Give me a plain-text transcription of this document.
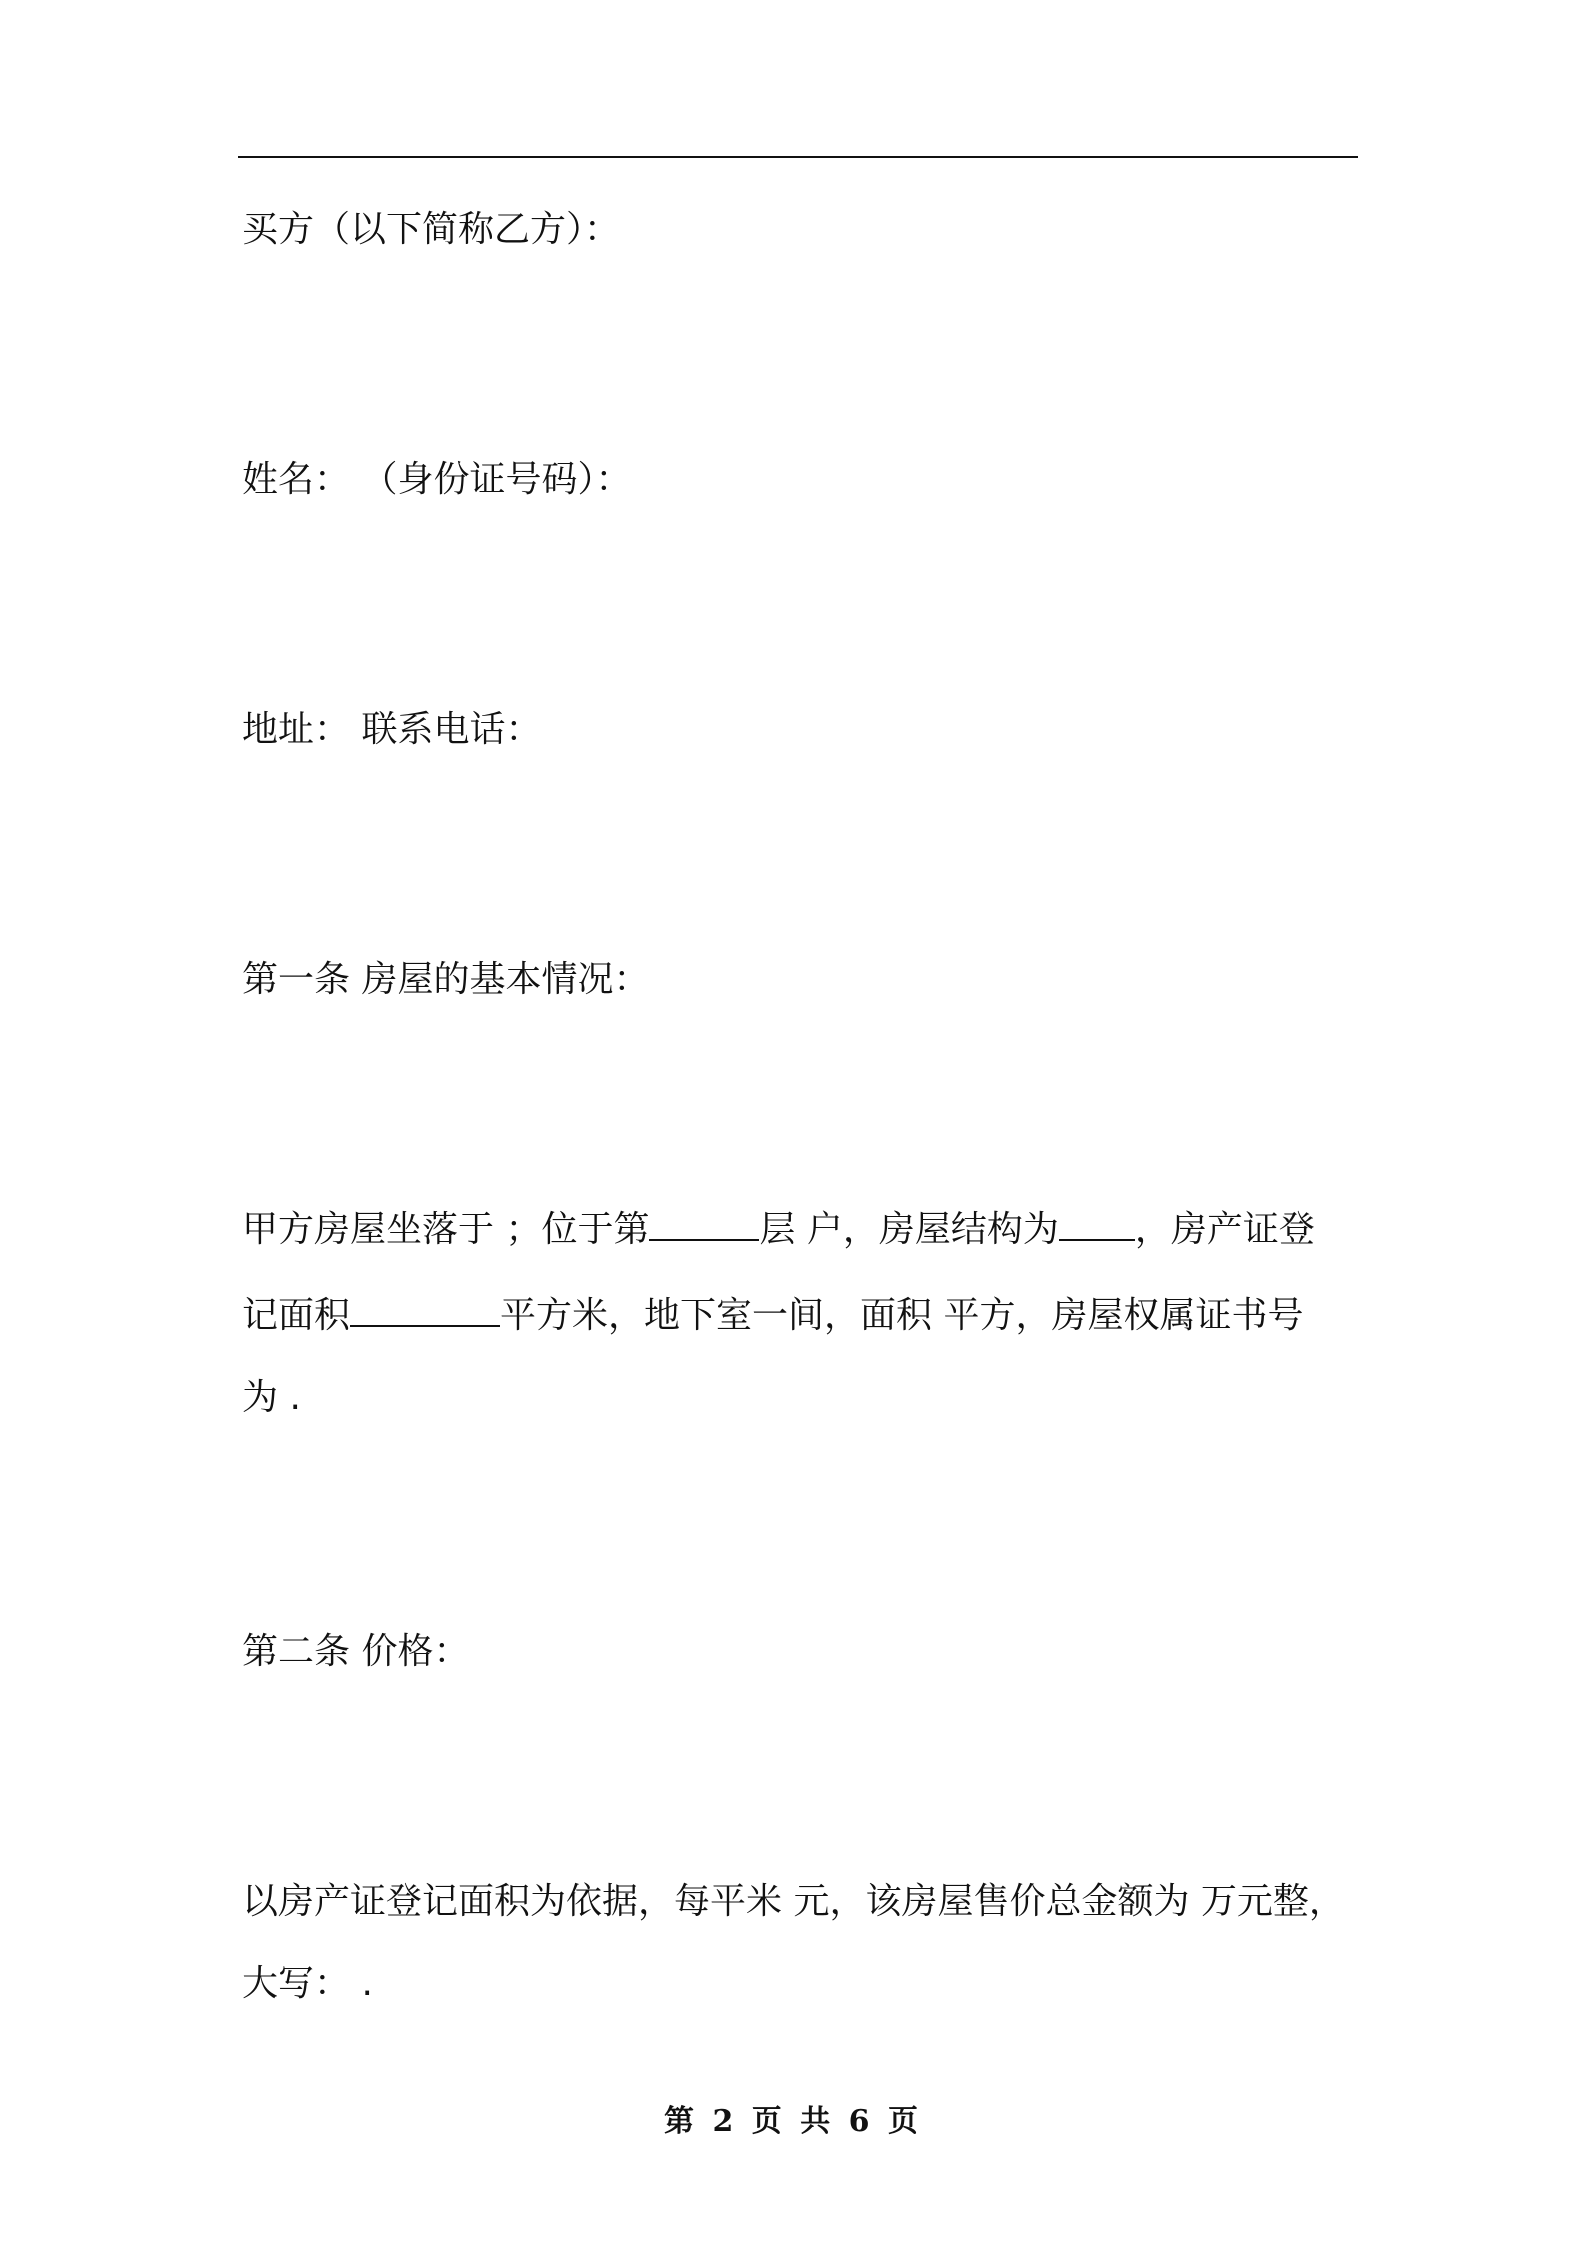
买方（以下简称乙方）：
姓名： （身份证号码）：
地址： 联系电话：
第一条 房屋的基本情况：
甲方房屋坐落于 ；位于第	层 户，房屋结构为 ，房产证登
记面积	平方米，地下室一间，面积 平方，房屋权属证书号
为 .
第二条 价格：
以房产证登记面积为依据，每平米 元，该房屋售价总金额为 万元整，
大写： .
第 2 页 共 6 页
